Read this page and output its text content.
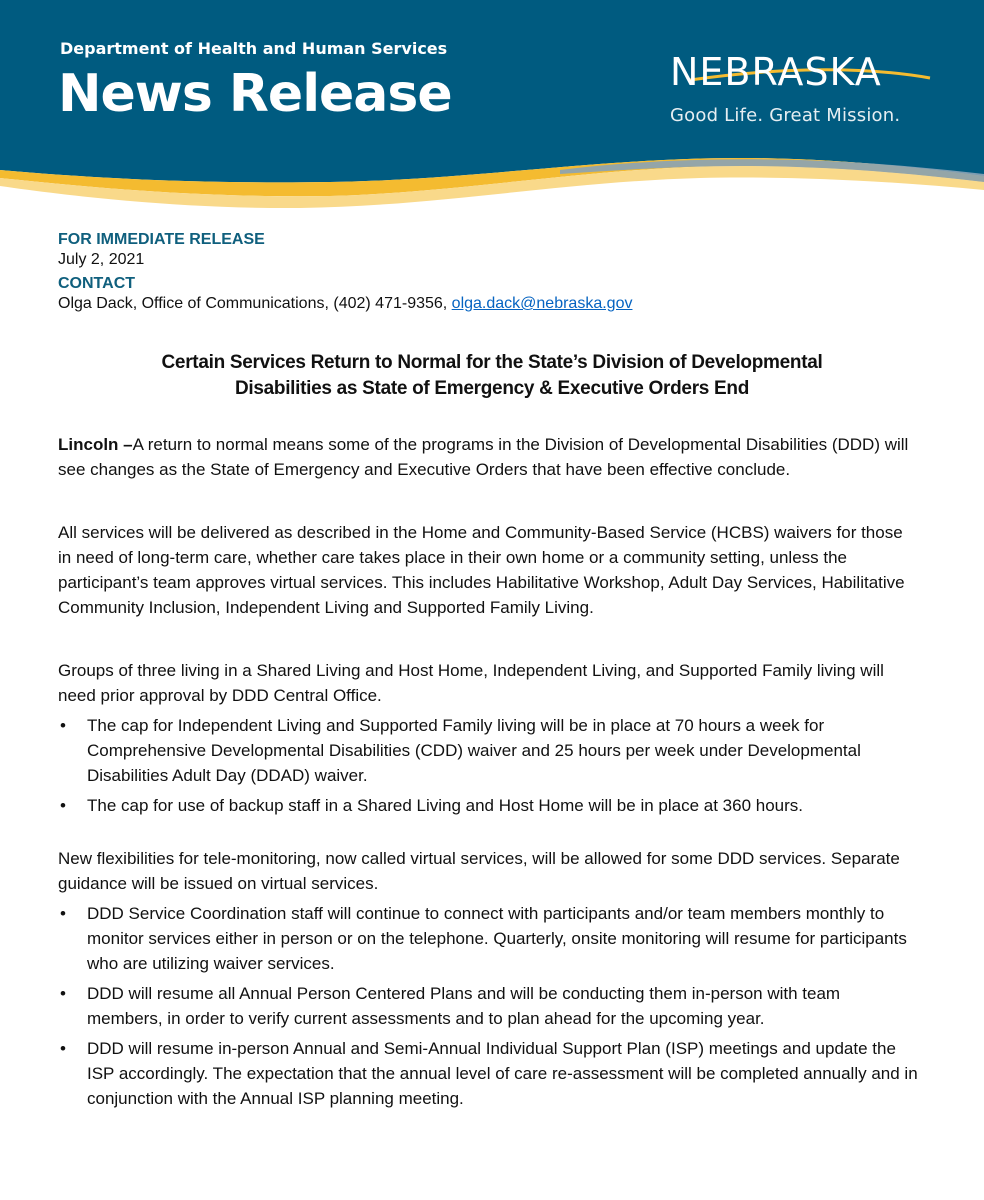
Department of Health and Human Services
News Release	NEBRASKA
Good Life. Great Mission.
FOR IMMEDIATE RELEASE
July 2, 2021
CONTACT
Olga Dack, Office of Communications, (402) 471-9356, olga.dack@nebraska.gov
Certain Services Return to Normal for the State’s Division of Developmental
Disabilities as State of Emergency & Executive Orders End

Lincoln –A return to normal means some of the programs in the Division of Developmental Disabilities (DDD) will see changes as the State of Emergency and Executive Orders that have been effective conclude.

All services will be delivered as described in the Home and Community-Based Service (HCBS) waivers for those in need of long-term care, whether care takes place in their own home or a community setting, unless the participant’s team approves virtual services. This includes Habilitative Workshop, Adult Day Services, Habilitative Community Inclusion, Independent Living and Supported Family Living.

Groups of three living in a Shared Living and Host Home, Independent Living, and Supported Family living will need prior approval by DDD Central Office.

• The cap for Independent Living and Supported Family living will be in place at 70 hours a week for Comprehensive Developmental Disabilities (CDD) waiver and 25 hours per week under Developmental Disabilities Adult Day (DDAD) waiver.
• The cap for use of backup staff in a Shared Living and Host Home will be in place at 360 hours.

New flexibilities for tele-monitoring, now called virtual services, will be allowed for some DDD services. Separate guidance will be issued on virtual services.

• DDD Service Coordination staff will continue to connect with participants and/or team members monthly to monitor services either in person or on the telephone. Quarterly, onsite monitoring will resume for participants who are utilizing waiver services.
• DDD will resume all Annual Person Centered Plans and will be conducting them in-person with team members, in order to verify current assessments and to plan ahead for the upcoming year.
• DDD will resume in-person Annual and Semi-Annual Individual Support Plan (ISP) meetings and update the ISP accordingly. The expectation that the annual level of care re-assessment will be completed annually and in conjunction with the Annual ISP planning meeting.
